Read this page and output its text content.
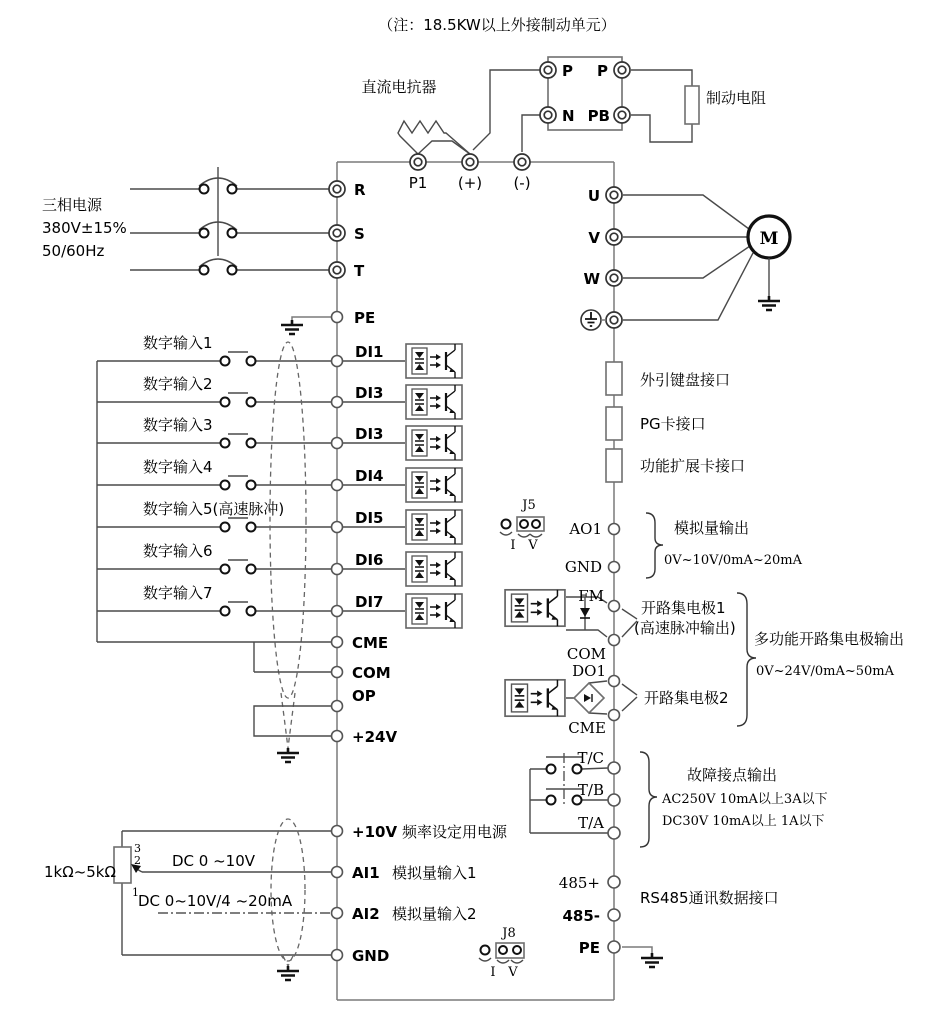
（注：18.5KW以上外接制动单元）
直流电抗器
制动电阻
P
N
P
PB
P1 (+) (-)
三相电源
380V±15%
50/60Hz
R
S
T
PE
U
V
W
M
数字输入1	DI1
数字输入2	DI3
数字输入3	DI3
数字输入4	DI4
数字输入5(高速脉冲)	DI5
数字输入6	DI6
数字输入7	DI7
CME
COM
OP
+24V
3
2
1
1kΩ~5kΩ
DC 0 ~10V
DC 0~10V/4 ~20mA
+10V 频率设定用电源
AI1 模拟量输入1
AI2 模拟量输入2
GND
外引键盘接口
PG卡接口
功能扩展卡接口
J5
I V
AO1
GND
模拟量输出
0V~10V/0mA~20mA
FM
COM
DO1
CME
开路集电极1
(高速脉冲输出)
开路集电极2
多功能开路集电极输出
0V~24V/0mA~50mA
T/C
T/B
T/A
故障接点输出
AC250V 10mA以上3A以下
DC30V 10mA以上 1A以下
485+
485-
PE
RS485通讯数据接口
J8
I V
